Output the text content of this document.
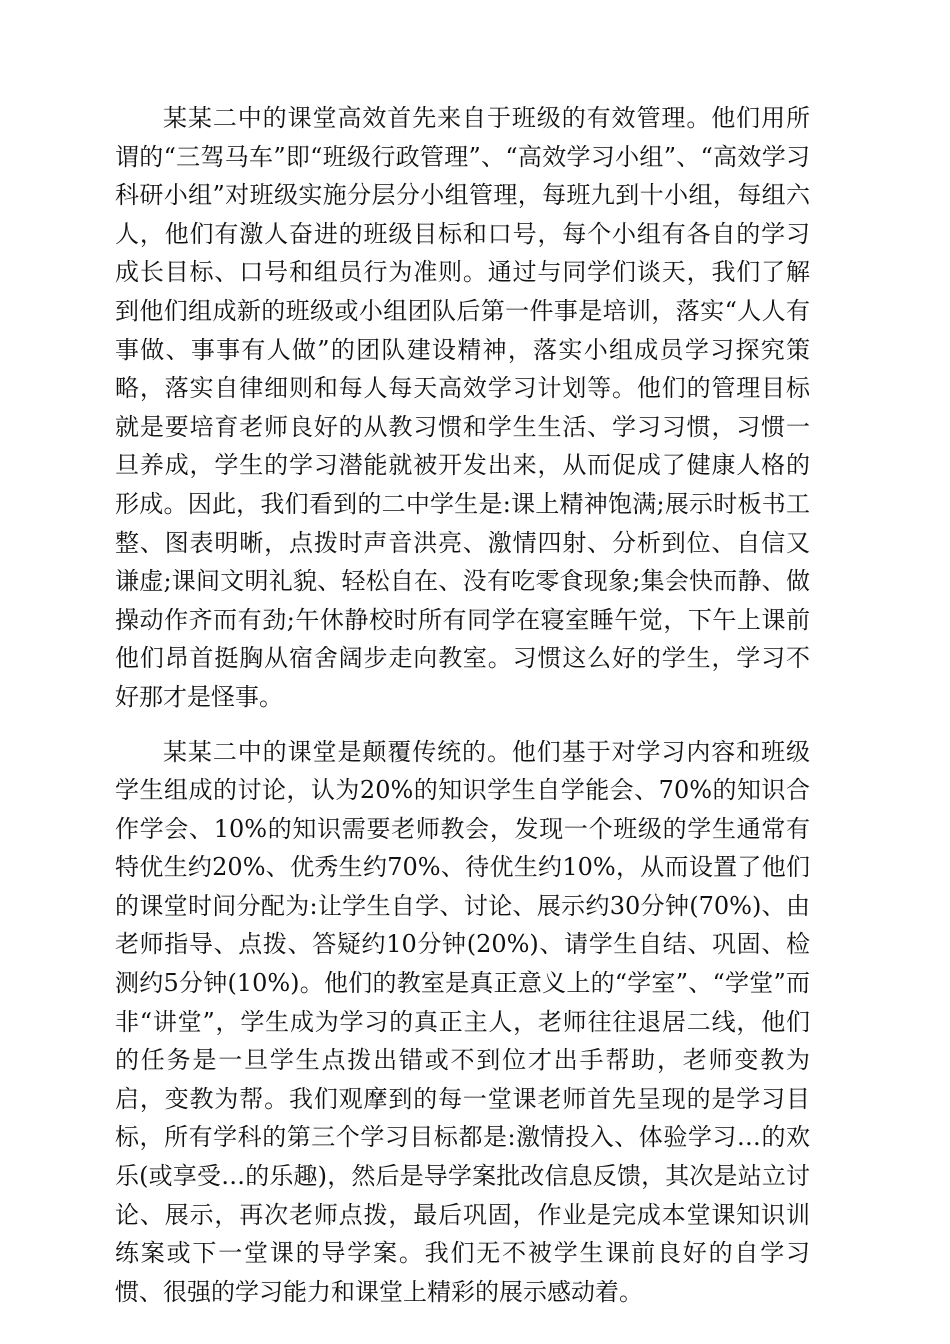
某某二中的课堂高效首先来自于班级的有效管理。他们用所谓的“三驾马车”即“班级行政管理”、“高效学习小组”、“高效学习科研小组”对班级实施分层分小组管理，每班九到十小组，每组六人，他们有激人奋进的班级目标和口号，每个小组有各自的学习成长目标、口号和组员行为准则。通过与同学们谈天，我们了解到他们组成新的班级或小组团队后第一件事是培训，落实“人人有事做、事事有人做”的团队建设精神，落实小组成员学习探究策略，落实自律细则和每人每天高效学习计划等。他们的管理目标就是要培育老师良好的从教习惯和学生生活、学习习惯，习惯一旦养成，学生的学习潜能就被开发出来，从而促成了健康人格的形成。因此，我们看到的二中学生是:课上精神饱满;展示时板书工整、图表明晰，点拨时声音洪亮、激情四射、分析到位、自信又谦虚;课间文明礼貌、轻松自在、没有吃零食现象;集会快而静、做操动作齐而有劲;午休静校时所有同学在寝室睡午觉，下午上课前他们昂首挺胸从宿舍阔步走向教室。习惯这么好的学生，学习不好那才是怪事。

某某二中的课堂是颠覆传统的。他们基于对学习内容和班级学生组成的讨论，认为20%的知识学生自学能会、70%的知识合作学会、10%的知识需要老师教会，发现一个班级的学生通常有特优生约20%、优秀生约70%、待优生约10%，从而设置了他们的课堂时间分配为:让学生自学、讨论、展示约30分钟(70%)、由老师指导、点拨、答疑约10分钟(20%)、请学生自结、巩固、检测约5分钟(10%)。他们的教室是真正意义上的“学室”、“学堂”而非“讲堂”，学生成为学习的真正主人，老师往往退居二线，他们的任务是一旦学生点拨出错或不到位才出手帮助，老师变教为启，变教为帮。我们观摩到的每一堂课老师首先呈现的是学习目标，所有学科的第三个学习目标都是:激情投入、体验学习…的欢乐(或享受…的乐趣)，然后是导学案批改信息反馈，其次是站立讨论、展示，再次老师点拨，最后巩固，作业是完成本堂课知识训练案或下一堂课的导学案。我们无不被学生课前良好的自学习惯、很强的学习能力和课堂上精彩的展示感动着。
